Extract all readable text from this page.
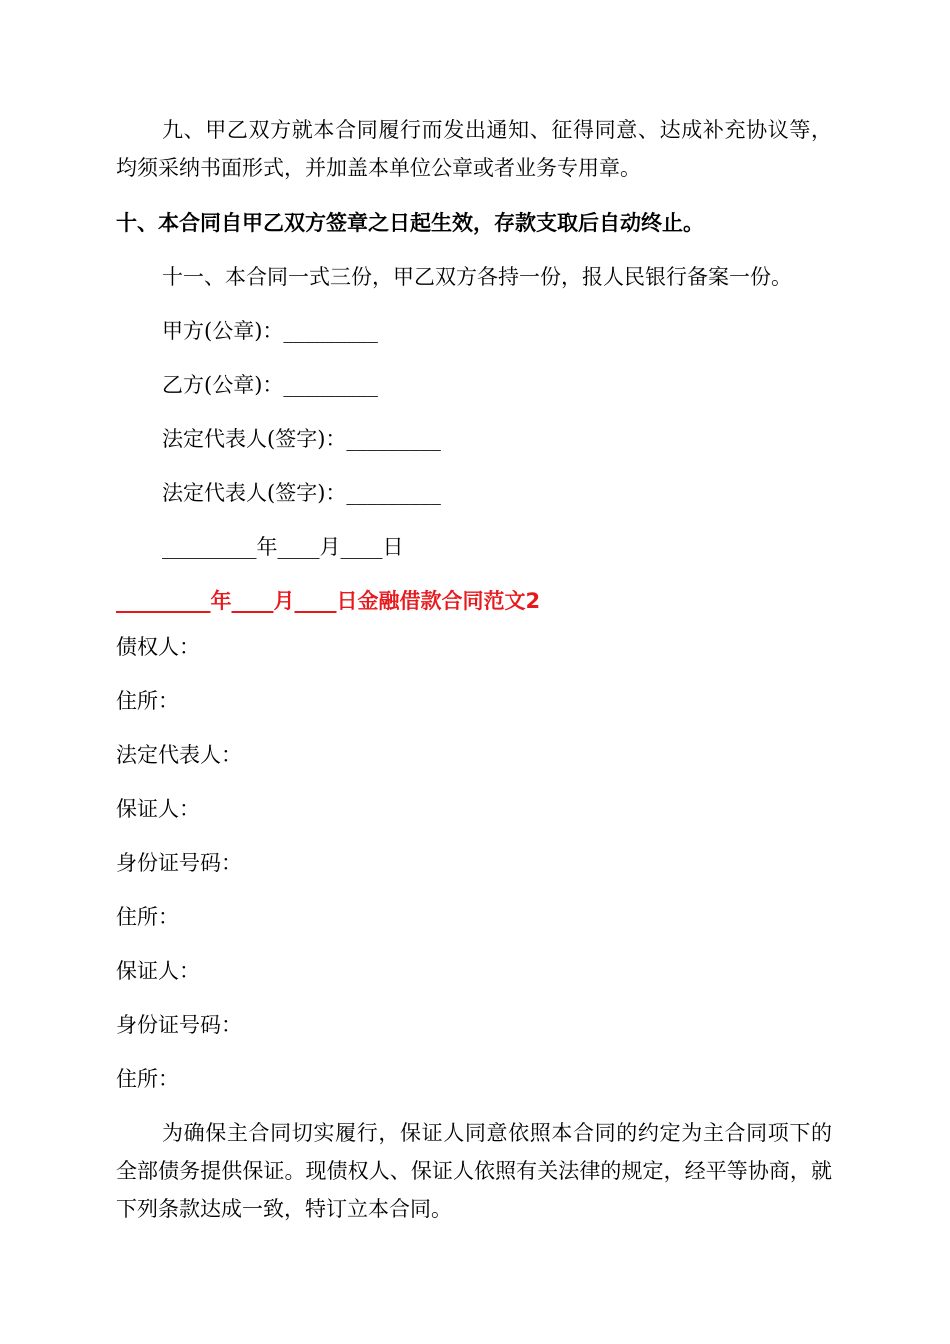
九、甲乙双方就本合同履行而发出通知、征得同意、达成补充协议等，均须采纳书面形式，并加盖本单位公章或者业务专用章。
十、本合同自甲乙双方签章之日起生效，存款支取后自动终止。
十一、本合同一式三份，甲乙双方各持一份，报人民银行备案一份。
甲方(公章)：_________
乙方(公章)：_________
法定代表人(签字)：_________
法定代表人(签字)：_________
_________年____月____日
_________年____月____日金融借款合同范文2
债权人：
住所：
法定代表人：
保证人：
身份证号码：
住所：
保证人：
身份证号码：
住所：
为确保主合同切实履行，保证人同意依照本合同的约定为主合同项下的全部债务提供保证。现债权人、保证人依照有关法律的规定，经平等协商，就下列条款达成一致，特订立本合同。
